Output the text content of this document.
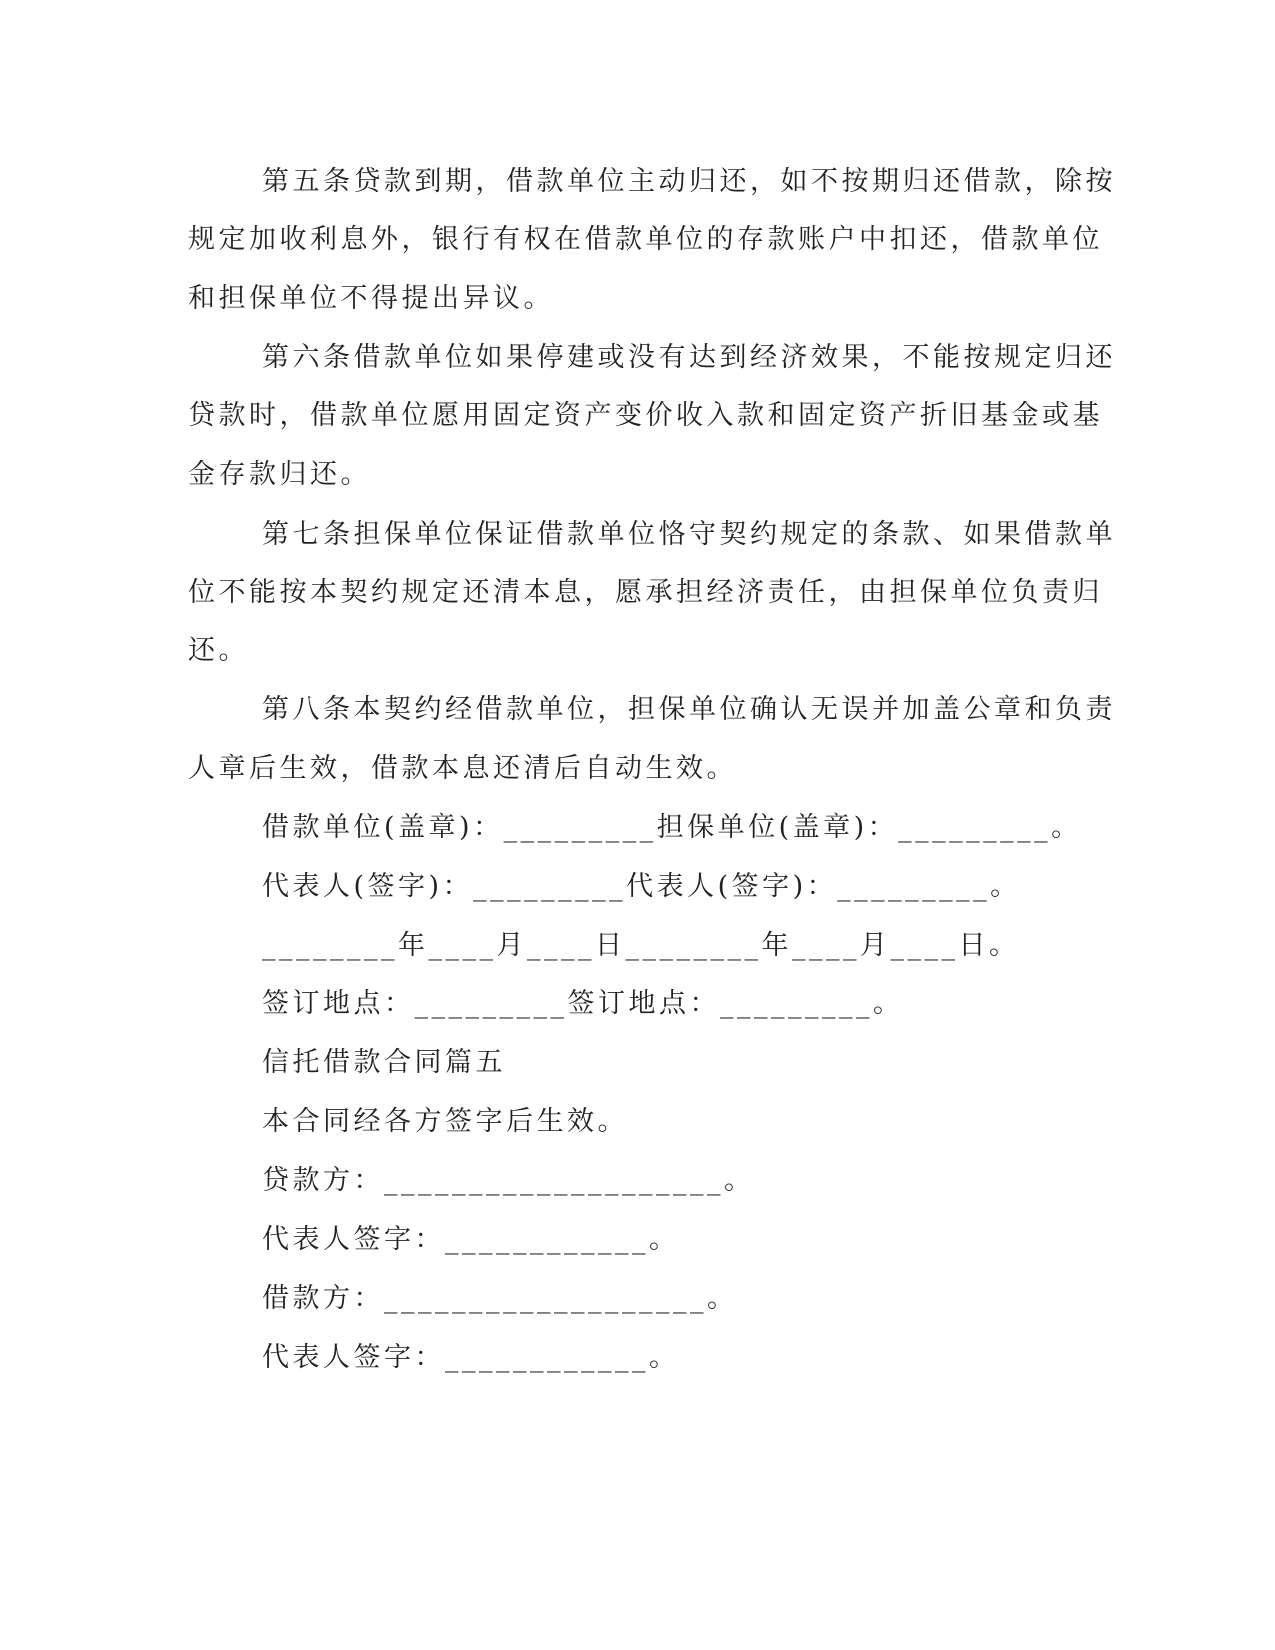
第五条贷款到期，借款单位主动归还，如不按期归还借款，除按
规定加收利息外，银行有权在借款单位的存款账户中扣还，借款单位
和担保单位不得提出异议。
第六条借款单位如果停建或没有达到经济效果，不能按规定归还
贷款时，借款单位愿用固定资产变价收入款和固定资产折旧基金或基
金存款归还。
第七条担保单位保证借款单位恪守契约规定的条款、如果借款单
位不能按本契约规定还清本息，愿承担经济责任，由担保单位负责归
还。
第八条本契约经借款单位，担保单位确认无误并加盖公章和负责
人章后生效，借款本息还清后自动生效。
借款单位(盖章)：_________担保单位(盖章)：_________。
代表人(签字)：_________代表人(签字)：_________。
________年____月____日________年____月____日。
签订地点：_________签订地点：_________。
信托借款合同篇五
本合同经各方签字后生效。
贷款方：____________________。
代表人签字：____________。
借款方：___________________。
代表人签字：____________。
